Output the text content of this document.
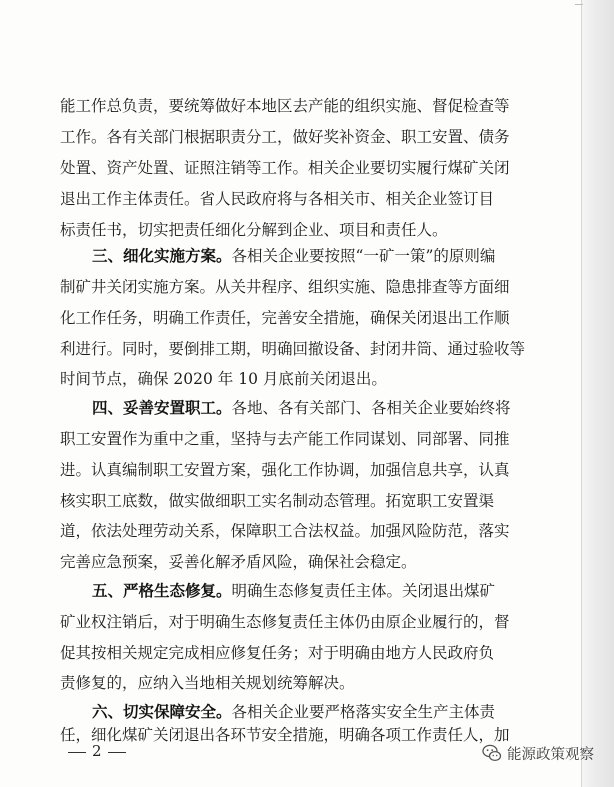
能工作总负责，要统筹做好本地区去产能的组织实施、督促检查等
工作。各有关部门根据职责分工，做好奖补资金、职工安置、债务
处置、资产处置、证照注销等工作。相关企业要切实履行煤矿关闭
退出工作主体责任。省人民政府将与各相关市、相关企业签订目
标责任书，切实把责任细化分解到企业、项目和责任人。
三、细化实施方案。各相关企业要按照“一矿一策”的原则编
制矿井关闭实施方案。从关井程序、组织实施、隐患排查等方面细
化工作任务，明确工作责任，完善安全措施，确保关闭退出工作顺
利进行。同时，要倒排工期，明确回撤设备、封闭井筒、通过验收等
时间节点，确保 2020 年 10 月底前关闭退出。
四、妥善安置职工。各地、各有关部门、各相关企业要始终将
职工安置作为重中之重，坚持与去产能工作同谋划、同部署、同推
进。认真编制职工安置方案，强化工作协调，加强信息共享，认真
核实职工底数，做实做细职工实名制动态管理。拓宽职工安置渠
道，依法处理劳动关系，保障职工合法权益。加强风险防范，落实
完善应急预案，妥善化解矛盾风险，确保社会稳定。
五、严格生态修复。明确生态修复责任主体。关闭退出煤矿
矿业权注销后，对于明确生态修复责任主体仍由原企业履行的，督
促其按相关规定完成相应修复任务；对于明确由地方人民政府负
责修复的，应纳入当地相关规划统筹解决。
六、切实保障安全。各相关企业要严格落实安全生产主体责
任，细化煤矿关闭退出各环节安全措施，明确各项工作责任人，加
2	能源政策观察
